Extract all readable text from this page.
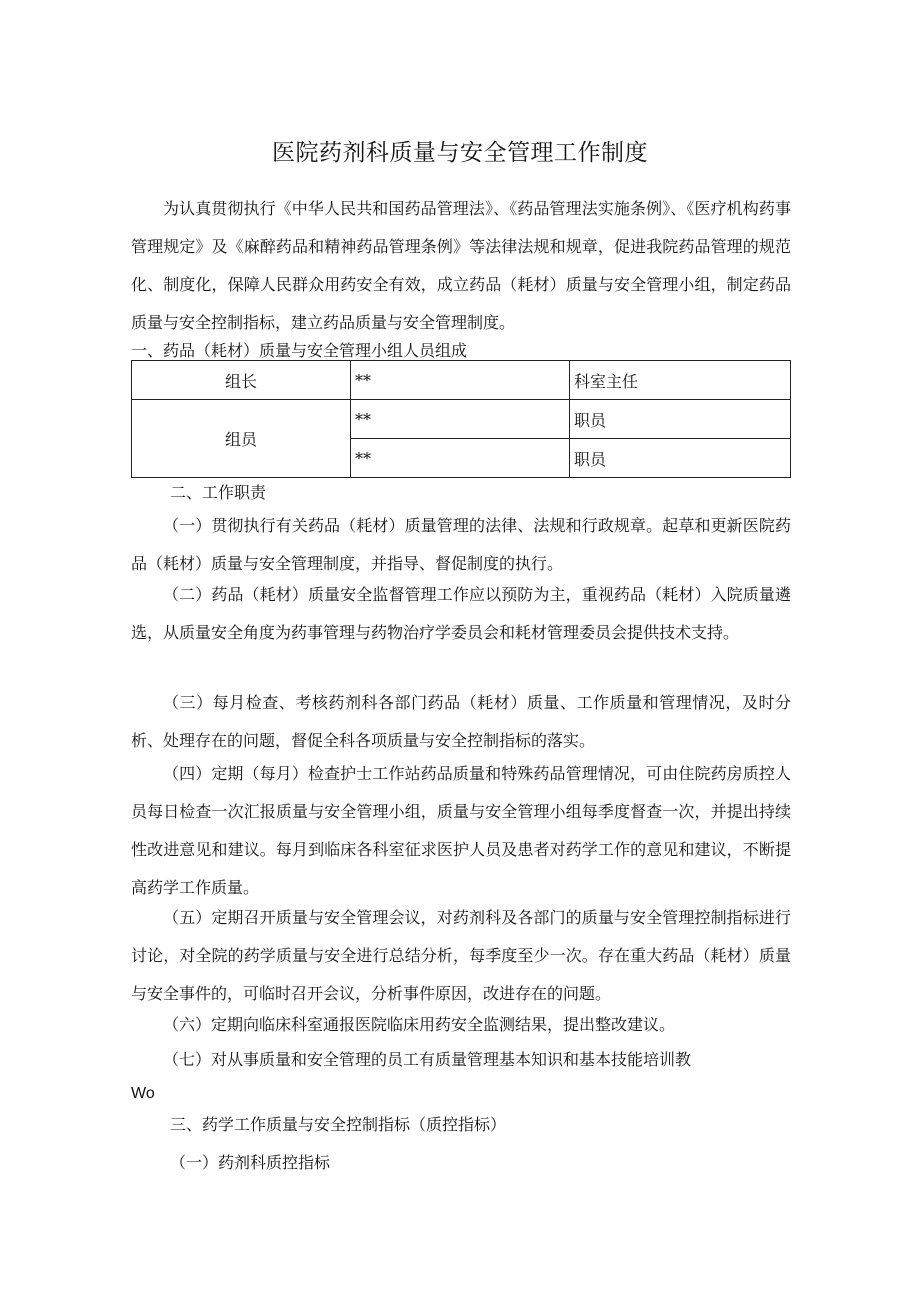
医院药剂科质量与安全管理工作制度

为认真贯彻执行《中华人民共和国药品管理法》、《药品管理法实施条例》、《医疗机构药事管理规定》及《麻醉药品和精神药品管理条例》等法律法规和规章，促进我院药品管理的规范化、制度化，保障人民群众用药安全有效，成立药品（耗材）质量与安全管理小组，制定药品质量与安全控制指标，建立药品质量与安全管理制度。

一、药品（耗材）质量与安全管理小组人员组成

组长	**	科室主任
组员	**	职员
	**	职员

二、工作职责

（一）贯彻执行有关药品（耗材）质量管理的法律、法规和行政规章。起草和更新医院药品（耗材）质量与安全管理制度，并指导、督促制度的执行。

（二）药品（耗材）质量安全监督管理工作应以预防为主，重视药品（耗材）入院质量遴选，从质量安全角度为药事管理与药物治疗学委员会和耗材管理委员会提供技术支持。

（三）每月检查、考核药剂科各部门药品（耗材）质量、工作质量和管理情况，及时分析、处理存在的问题，督促全科各项质量与安全控制指标的落实。

（四）定期（每月）检查护士工作站药品质量和特殊药品管理情况，可由住院药房质控人员每日检查一次汇报质量与安全管理小组，质量与安全管理小组每季度督查一次，并提出持续性改进意见和建议。每月到临床各科室征求医护人员及患者对药学工作的意见和建议，不断提高药学工作质量。

（五）定期召开质量与安全管理会议，对药剂科及各部门的质量与安全管理控制指标进行讨论，对全院的药学质量与安全进行总结分析，每季度至少一次。存在重大药品（耗材）质量与安全事件的，可临时召开会议，分析事件原因，改进存在的问题。

（六）定期向临床科室通报医院临床用药安全监测结果，提出整改建议。

（七）对从事质量和安全管理的员工有质量管理基本知识和基本技能培训教

Wo

三、药学工作质量与安全控制指标（质控指标）

（一）药剂科质控指标
